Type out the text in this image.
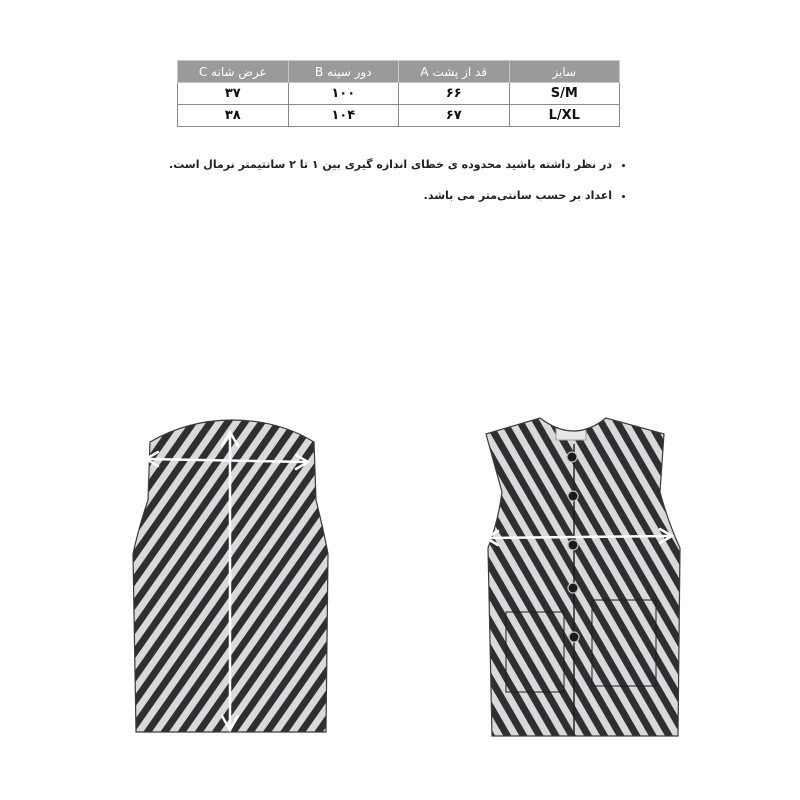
سایز	قد از پشت A	دور سینه B	عرض شانه C
S/M	۶۶	۱۰۰	۳۷
L/XL	۶۷	۱۰۴	۳۸
• در نظر داشته باشید محدوده ی خطای اندازه گیری بین ۱ تا ۲ سانتیمتر نرمال است.
• اعداد بر حسب سانتی‌متر می باشد.
